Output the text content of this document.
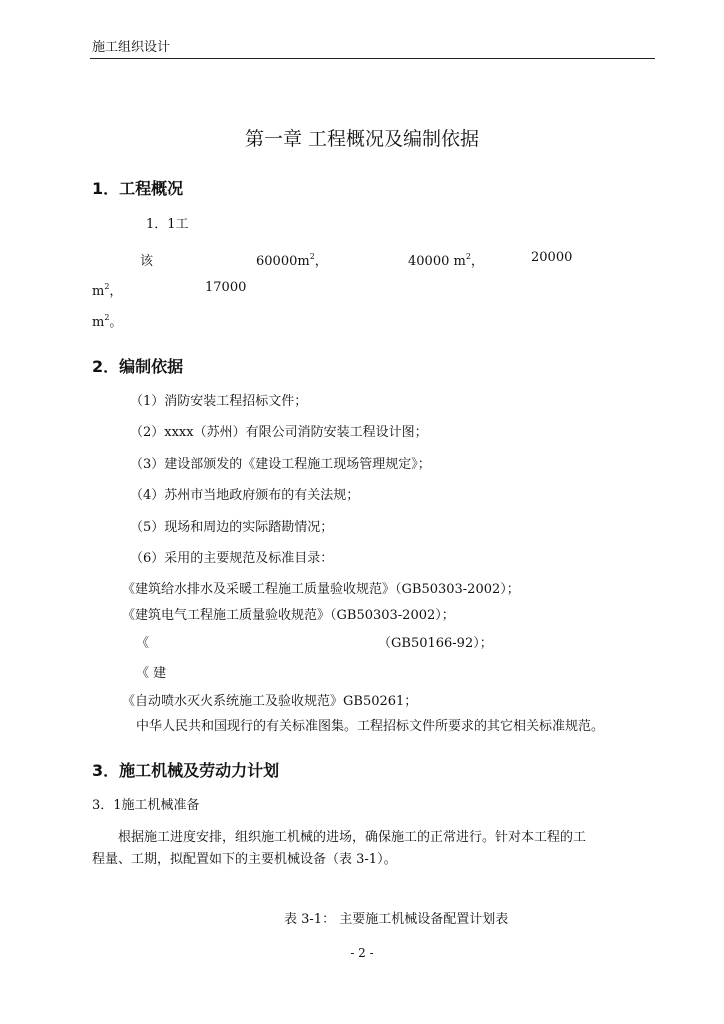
施工组织设计
第一章 工程概况及编制依据
1．工程概况
1．1工
该	$60000m^2$，	40000 $m^2$，	20000
$m^2$，	17000
$m^2$。
2．编制依据
（1）消防安装工程招标文件；
（2）xxxx（苏州）有限公司消防安装工程设计图；
（3）建设部颁发的《建设工程施工现场管理规定》；
（4）苏州市当地政府颁布的有关法规；
（5）现场和周边的实际踏勘情况；
（6）采用的主要规范及标准目录：
《建筑给水排水及采暖工程施工质量验收规范》（GB50303-2002）；
《建筑电气工程施工质量验收规范》（GB50303-2002）；
《	（GB50166-92）；
《 建
《自动喷水灭火系统施工及验收规范》GB50261；
中华人民共和国现行的有关标准图集。工程招标文件所要求的其它相关标准规范。
3．施工机械及劳动力计划
3．1施工机械准备
根据施工进度安排，组织施工机械的进场，确保施工的正常进行。针对本工程的工
程量、工期，拟配置如下的主要机械设备（表 3-1）。
表 3-1： 主要施工机械设备配置计划表
- 2 -
